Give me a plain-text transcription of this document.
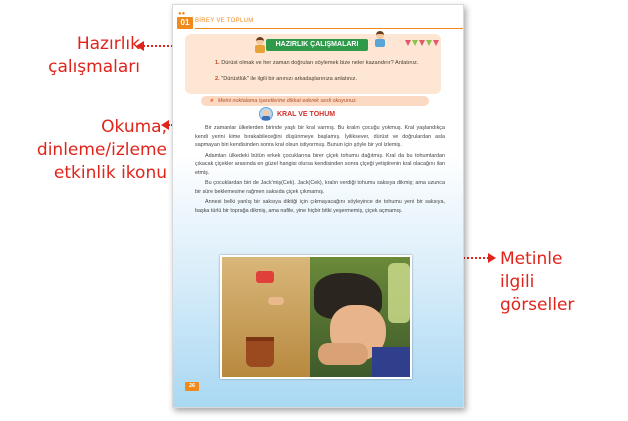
Hazırlık
çalışmaları
Okuma,
dinleme/izleme
etkinlik ikonu
Metinle
ilgili
görseller
●●
01 BİREY VE TOPLUM
HAZIRLIK ÇALIŞMALARI
1. Dürüst olmak ve her zaman doğruları söylemek bize neler kazandırır? Anlatınız.
2. "Dürüstlük" ile ilgili bir anınızı arkadaşlarınıza anlatınız.
★ Metni noktalama işaretlerine dikkat ederek sesli okuyunuz.
KRAL VE TOHUM

Bir zamanlar ülkelerden birinde yaşlı bir kral varmış. Bu kralın çocuğu yokmuş. Kral yaşlandıkça kendi yerini kime bırakabileceğini düşünmeye başlamış. İyiliksever, dürüst ve doğrulardan asla sapmayan biri kendisinden sonra kral olsun istiyormuş. Bunun için şöyle bir yol izlemiş.

Adamları ülkedeki bütün erkek çocuklarına birer çiçek tohumu dağıtmış. Kral da bu tohumlardan çıkacak çiçekler arasında en güzel hangisi olursa kendisinden sonra çiçeği yetiştirenin kral olacağını ilan etmiş.

Bu çocuklardan biri de Jack'miş(Cek). Jack(Cek), kralın verdiği tohumu saksıya dikmiş; ama uzunca bir süre beklemesine rağmen saksıda çiçek çıkmamış.

Annesi belki yanlış bir saksıya diktiği için çıkmayacağını söyleyince de tohumu yeni bir saksıya, başka türlü bir toprağa dikmiş, ama nafile, yine hiçbir bitki yeşermemiş, çiçek açmamış.

26
